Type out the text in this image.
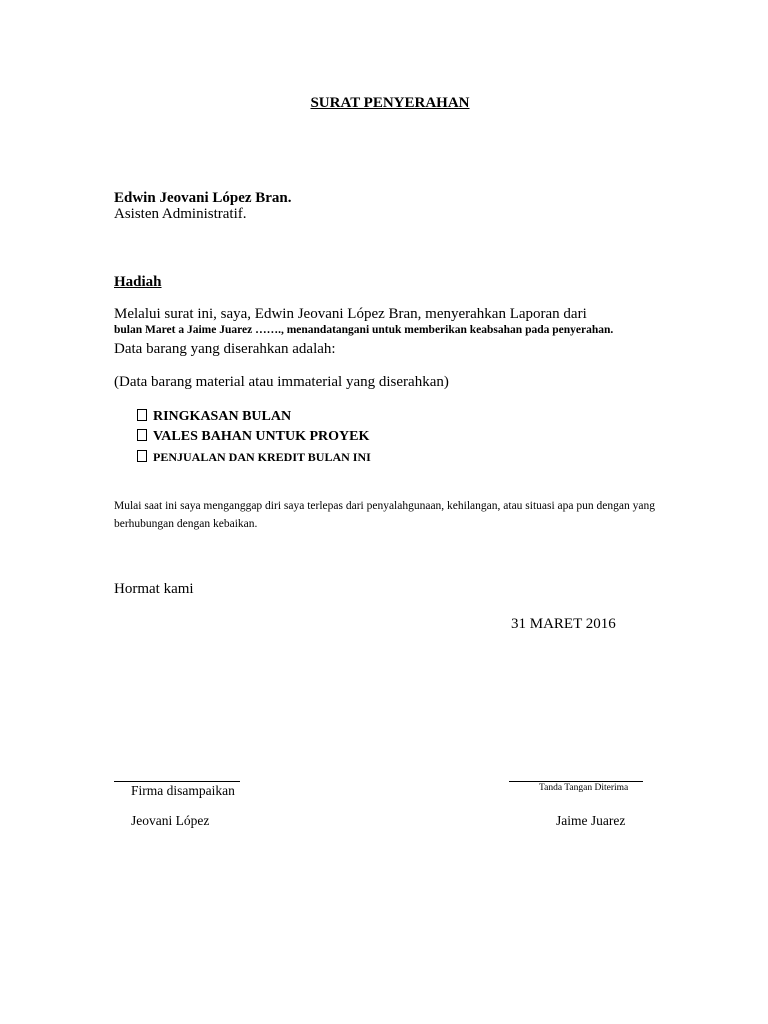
SURAT PENYERAHAN
Edwin Jeovani López Bran.
Asisten Administratif.
Hadiah
Melalui surat ini, saya, Edwin Jeovani López Bran, menyerahkan Laporan dari
bulan Maret a Jaime Juarez ……., menandatangani untuk memberikan keabsahan pada penyerahan.
Data barang yang diserahkan adalah:
(Data barang material atau immaterial yang diserahkan)
RINGKASAN BULAN
VALES BAHAN UNTUK PROYEK
PENJUALAN DAN KREDIT BULAN INI
Mulai saat ini saya menganggap diri saya terlepas dari penyalahgunaan, kehilangan, atau situasi apa pun dengan yang berhubungan dengan kebaikan.
Hormat kami
31 MARET 2016
Firma disampaikan	Tanda Tangan Diterima
Jeovani López	Jaime Juarez
